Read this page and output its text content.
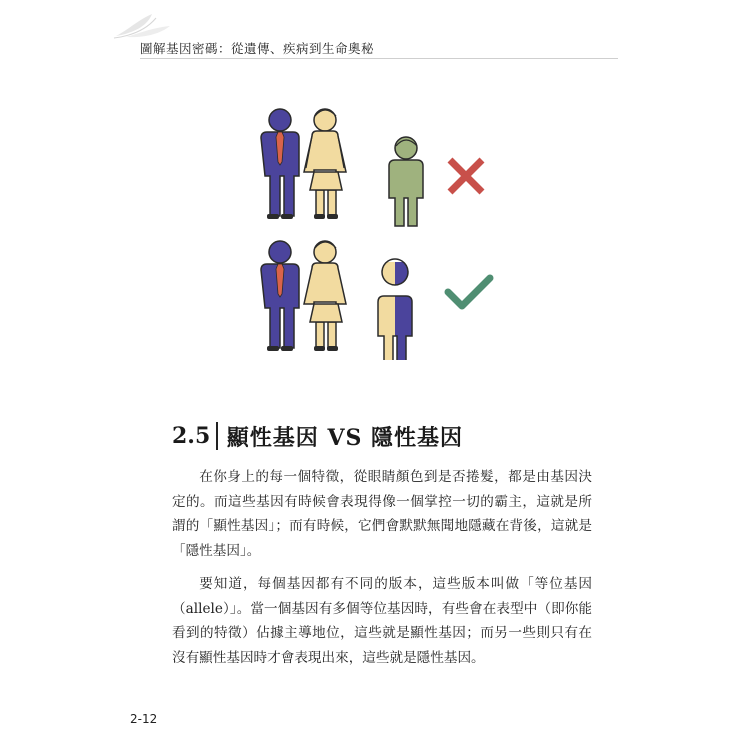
圖解基因密碼：從遺傳、疾病到生命奧秘
2.5 顯性基因 VS 隱性基因

在你身上的每一個特徵，從眼睛顏色到是否捲髮，都是由基因決定的。而這些基因有時候會表現得像一個掌控一切的霸主，這就是所謂的「顯性基因」；而有時候，它們會默默無聞地隱藏在背後，這就是「隱性基因」。

要知道，每個基因都有不同的版本，這些版本叫做「等位基因（allele）」。當一個基因有多個等位基因時，有些會在表型中（即你能看到的特徵）佔據主導地位，這些就是顯性基因；而另一些則只有在沒有顯性基因時才會表現出來，這些就是隱性基因。

2-12
